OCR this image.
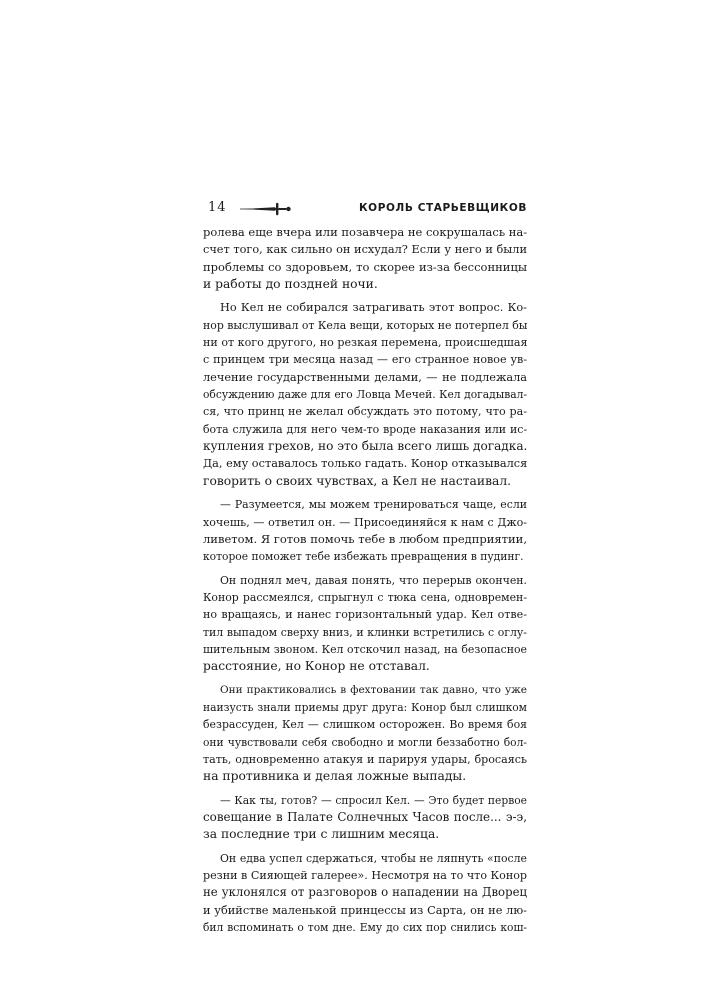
14	КОРОЛЬ СТАРЬЕВЩИКОВ
ролева еще вчера или позавчера не сокрушалась на-
счет того, как сильно он исхудал? Если у него и были
проблемы со здоровьем, то скорее из-за бессонницы
и работы до поздней ночи.
Но Кел не собирался затрагивать этот вопрос. Ко-
нор выслушивал от Кела вещи, которых не потерпел бы
ни от кого другого, но резкая перемена, происшедшая
с принцем три месяца назад — его странное новое ув-
лечение государственными делами, — не подлежала
обсуждению даже для его Ловца Мечей. Кел догадывал-
ся, что принц не желал обсуждать это потому, что ра-
бота служила для него чем-то вроде наказания или ис-
купления грехов, но это была всего лишь догадка.
Да, ему оставалось только гадать. Конор отказывался
говорить о своих чувствах, а Кел не настаивал.
— Разумеется, мы можем тренироваться чаще, если
хочешь, — ответил он. — Присоединяйся к нам с Джо-
ливетом. Я готов помочь тебе в любом предприятии,
которое поможет тебе избежать превращения в пудинг.
Он поднял меч, давая понять, что перерыв окончен.
Конор рассмеялся, спрыгнул с тюка сена, одновремен-
но вращаясь, и нанес горизонтальный удар. Кел отве-
тил выпадом сверху вниз, и клинки встретились с оглу-
шительным звоном. Кел отскочил назад, на безопасное
расстояние, но Конор не отставал.
Они практиковались в фехтовании так давно, что уже
наизусть знали приемы друг друга: Конор был слишком
безрассуден, Кел — слишком осторожен. Во время боя
они чувствовали себя свободно и могли беззаботно бол-
тать, одновременно атакуя и парируя удары, бросаясь
на противника и делая ложные выпады.
— Как ты, готов? — спросил Кел. — Это будет первое
совещание в Палате Солнечных Часов после... э-э,
за последние три с лишним месяца.
Он едва успел сдержаться, чтобы не ляпнуть «после
резни в Сияющей галерее». Несмотря на то что Конор
не уклонялся от разговоров о нападении на Дворец
и убийстве маленькой принцессы из Сарта, он не лю-
бил вспоминать о том дне. Ему до сих пор снились кош-
